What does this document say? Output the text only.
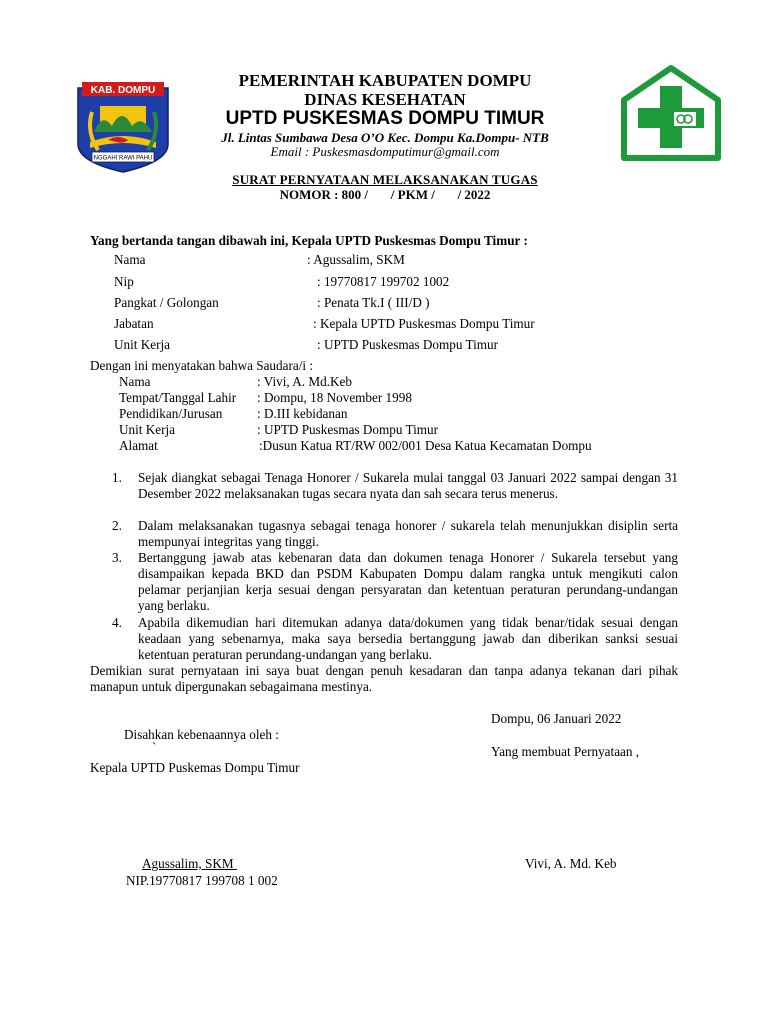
KAB. DOMPU
NGGAHI RAWI PAHU
PEMERINTAH KABUPATEN DOMPU
DINAS KESEHATAN
UPTD PUSKESMAS DOMPU TIMUR
Jl. Lintas Sumbawa Desa O’O Kec. Dompu Ka.Dompu- NTB
Email : Puskesmasdomputimur@gmail.com
SURAT PERNYATAAN MELAKSANAKAN TUGAS
NOMOR : 800 /       / PKM /       / 2022
Yang bertanda tangan dibawah ini, Kepala UPTD Puskesmas Dompu Timur :
Nama	: Agussalim, SKM
Nip	: 19770817 199702 1002
Pangkat / Golongan	: Penata Tk.I ( III/D )
Jabatan	: Kepala UPTD Puskesmas Dompu Timur
Unit Kerja	: UPTD Puskesmas Dompu Timur
Dengan ini menyatakan bahwa Saudara/i :
Nama	: Vivi, A. Md.Keb
Tempat/Tanggal Lahir : Dompu, 18 November 1998
Pendidikan/Jurusan	: D.III kebidanan
Unit Kerja	: UPTD Puskesmas Dompu Timur
Alamat	:Dusun Katua RT/RW 002/001 Desa Katua Kecamatan Dompu
1. Sejak diangkat sebagai Tenaga Honorer / Sukarela mulai tanggal 03 Januari 2022 sampai dengan 31 Desember 2022 melaksanakan tugas secara nyata dan sah secara terus menerus.
2. Dalam melaksanakan tugasnya sebagai tenaga honorer / sukarela telah menunjukkan disiplin serta mempunyai integritas yang tinggi.
3. Bertanggung jawab atas kebenaran data dan dokumen tenaga Honorer / Sukarela tersebut yang disampaikan kepada BKD dan PSDM Kabupaten Dompu dalam rangka untuk mengikuti calon pelamar perjanjian kerja sesuai dengan persyaratan dan ketentuan peraturan perundang-undangan yang berlaku.
4. Apabila dikemudian hari ditemukan adanya data/dokumen yang tidak benar/tidak sesuai dengan keadaan yang sebenarnya, maka saya bersedia bertanggung jawab dan diberikan sanksi sesuai ketentuan peraturan perundang-undangan yang berlaku.
Demikian surat pernyataan ini saya buat dengan penuh kesadaran dan tanpa adanya tekanan dari pihak manapun untuk dipergunakan sebagaimana mestinya.
Dompu, 06 Januari 2022
Disahkan kebenaannya oleh :
`	Yang membuat Pernyataan ,
Kepala UPTD Puskemas Dompu Timur
Agussalim, SKM	Vivi, A. Md. Keb
NIP.19770817 199708 1 002
